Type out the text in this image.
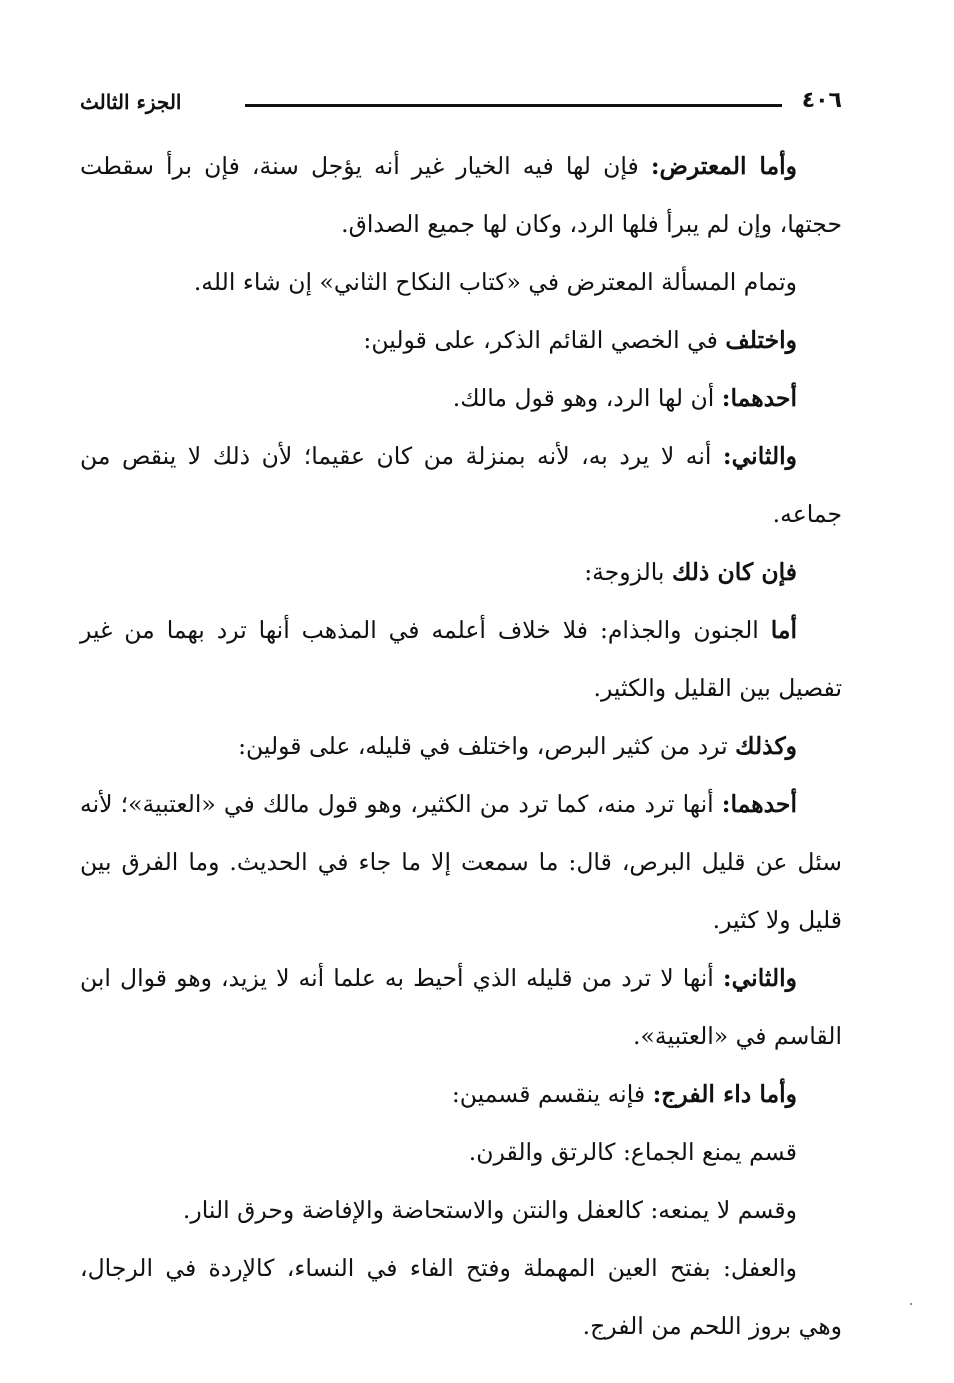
٤٠٦
الجزء الثالث

وأما المعترض: فإن لها فيه الخيار غير أنه يؤجل سنة، فإن برأ سقطت حجتها، وإن لم يبرأ فلها الرد، وكان لها جميع الصداق.

وتمام المسألة المعترض في «كتاب النكاح الثاني» إن شاء الله.

واختلف في الخصي القائم الذكر، على قولين:

أحدهما: أن لها الرد، وهو قول مالك.

والثاني: أنه لا يرد به، لأنه بمنزلة من كان عقيما؛ لأن ذلك لا ينقص من جماعه.

فإن كان ذلك بالزوجة:

أما الجنون والجذام: فلا خلاف أعلمه في المذهب أنها ترد بهما من غير تفصيل بين القليل والكثير.

وكذلك ترد من كثير البرص، واختلف في قليله، على قولين:

أحدهما: أنها ترد منه، كما ترد من الكثير، وهو قول مالك في «العتبية»؛ لأنه سئل عن قليل البرص، قال: ما سمعت إلا ما جاء في الحديث. وما الفرق بين قليل ولا كثير.

والثاني: أنها لا ترد من قليله الذي أحيط به علما أنه لا يزيد، وهو قوال ابن القاسم في «العتبية».

وأما داء الفرج: فإنه ينقسم قسمين:

قسم يمنع الجماع: كالرتق والقرن.

وقسم لا يمنعه: كالعفل والنتن والاستحاضة والإفاضة وحرق النار.

والعفل: بفتح العين المهملة وفتح الفاء في النساء، كالإردة في الرجال، وهي بروز اللحم من الفرج.
